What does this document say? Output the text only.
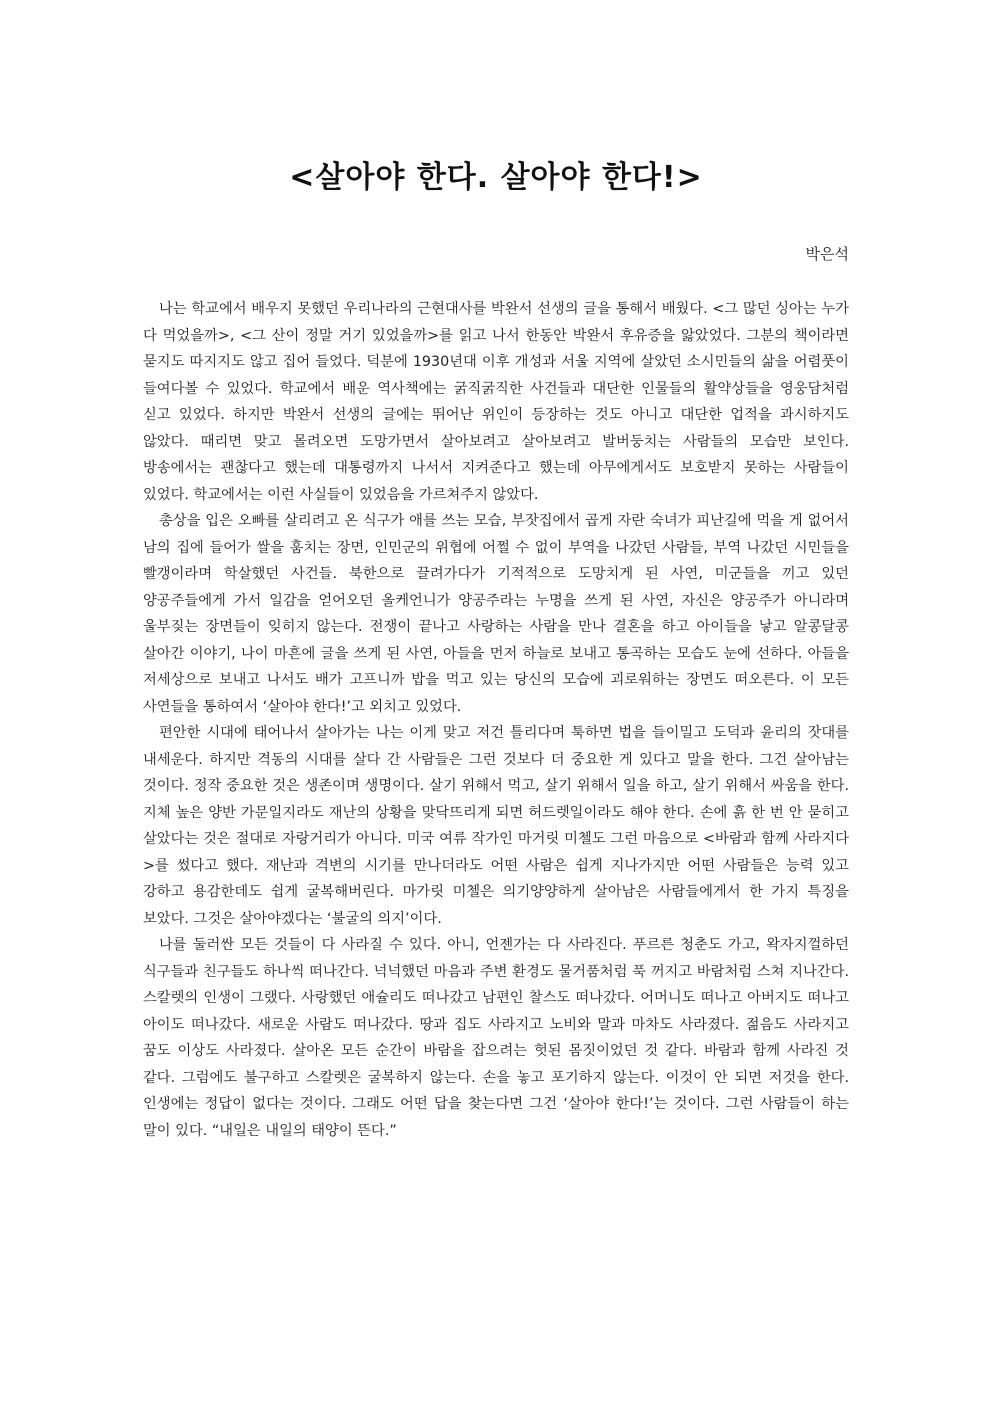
<살아야 한다. 살아야 한다!>

박은석

나는 학교에서 배우지 못했던 우리나라의 근현대사를 박완서 선생의 글을 통해서 배웠다. <그 많던 싱아는 누가 다 먹었을까>, <그 산이 정말 거기 있었을까>를 읽고 나서 한동안 박완서 후유증을 앓았었다. 그분의 책이라면 묻지도 따지지도 않고 집어 들었다. 덕분에 1930년대 이후 개성과 서울 지역에 살았던 소시민들의 삶을 어렴풋이 들여다볼 수 있었다. 학교에서 배운 역사책에는 굵직굵직한 사건들과 대단한 인물들의 활약상들을 영웅담처럼 싣고 있었다. 하지만 박완서 선생의 글에는 뛰어난 위인이 등장하는 것도 아니고 대단한 업적을 과시하지도 않았다. 때리면 맞고 몰려오면 도망가면서 살아보려고 살아보려고 발버둥치는 사람들의 모습만 보인다. 방송에서는 괜찮다고 했는데 대통령까지 나서서 지켜준다고 했는데 아무에게서도 보호받지 못하는 사람들이 있었다. 학교에서는 이런 사실들이 있었음을 가르쳐주지 않았다.

총상을 입은 오빠를 살리려고 온 식구가 애를 쓰는 모습, 부잣집에서 곱게 자란 숙녀가 피난길에 먹을 게 없어서 남의 집에 들어가 쌀을 훔치는 장면, 인민군의 위협에 어쩔 수 없이 부역을 나갔던 사람들, 부역 나갔던 시민들을 빨갱이라며 학살했던 사건들. 북한으로 끌려가다가 기적적으로 도망치게 된 사연, 미군들을 끼고 있던 양공주들에게 가서 일감을 얻어오던 올케언니가 양공주라는 누명을 쓰게 된 사연, 자신은 양공주가 아니라며 울부짖는 장면들이 잊히지 않는다. 전쟁이 끝나고 사랑하는 사람을 만나 결혼을 하고 아이들을 낳고 알콩달콩 살아간 이야기, 나이 마흔에 글을 쓰게 된 사연, 아들을 먼저 하늘로 보내고 통곡하는 모습도 눈에 선하다. 아들을 저세상으로 보내고 나서도 배가 고프니까 밥을 먹고 있는 당신의 모습에 괴로워하는 장면도 떠오른다. 이 모든 사연들을 통하여서 ‘살아야 한다!’고 외치고 있었다.

편안한 시대에 태어나서 살아가는 나는 이게 맞고 저건 틀리다며 툭하면 법을 들이밀고 도덕과 윤리의 잣대를 내세운다. 하지만 격동의 시대를 살다 간 사람들은 그런 것보다 더 중요한 게 있다고 말을 한다. 그건 살아남는 것이다. 정작 중요한 것은 생존이며 생명이다. 살기 위해서 먹고, 살기 위해서 일을 하고, 살기 위해서 싸움을 한다. 지체 높은 양반 가문일지라도 재난의 상황을 맞닥뜨리게 되면 허드렛일이라도 해야 한다. 손에 흙 한 번 안 묻히고 살았다는 것은 절대로 자랑거리가 아니다. 미국 여류 작가인 마거릿 미첼도 그런 마음으로 <바람과 함께 사라지다>를 썼다고 했다. 재난과 격변의 시기를 만나더라도 어떤 사람은 쉽게 지나가지만 어떤 사람들은 능력 있고 강하고 용감한데도 쉽게 굴복해버린다. 마가릿 미첼은 의기양양하게 살아남은 사람들에게서 한 가지 특징을 보았다. 그것은 살아야겠다는 ‘불굴의 의지’이다.

나를 둘러싼 모든 것들이 다 사라질 수 있다. 아니, 언젠가는 다 사라진다. 푸르른 청춘도 가고, 왁자지껄하던 식구들과 친구들도 하나씩 떠나간다. 넉넉했던 마음과 주변 환경도 물거품처럼 푹 꺼지고 바람처럼 스쳐 지나간다. 스칼렛의 인생이 그랬다. 사랑했던 애슐리도 떠나갔고 남편인 찰스도 떠나갔다. 어머니도 떠나고 아버지도 떠나고 아이도 떠나갔다. 새로운 사람도 떠나갔다. 땅과 집도 사라지고 노비와 말과 마차도 사라졌다. 젊음도 사라지고 꿈도 이상도 사라졌다. 살아온 모든 순간이 바람을 잡으려는 헛된 몸짓이었던 것 같다. 바람과 함께 사라진 것 같다. 그럼에도 불구하고 스칼렛은 굴복하지 않는다. 손을 놓고 포기하지 않는다. 이것이 안 되면 저것을 한다. 인생에는 정답이 없다는 것이다. 그래도 어떤 답을 찾는다면 그건 ‘살아야 한다!’는 것이다. 그런 사람들이 하는 말이 있다. “내일은 내일의 태양이 뜬다.”
